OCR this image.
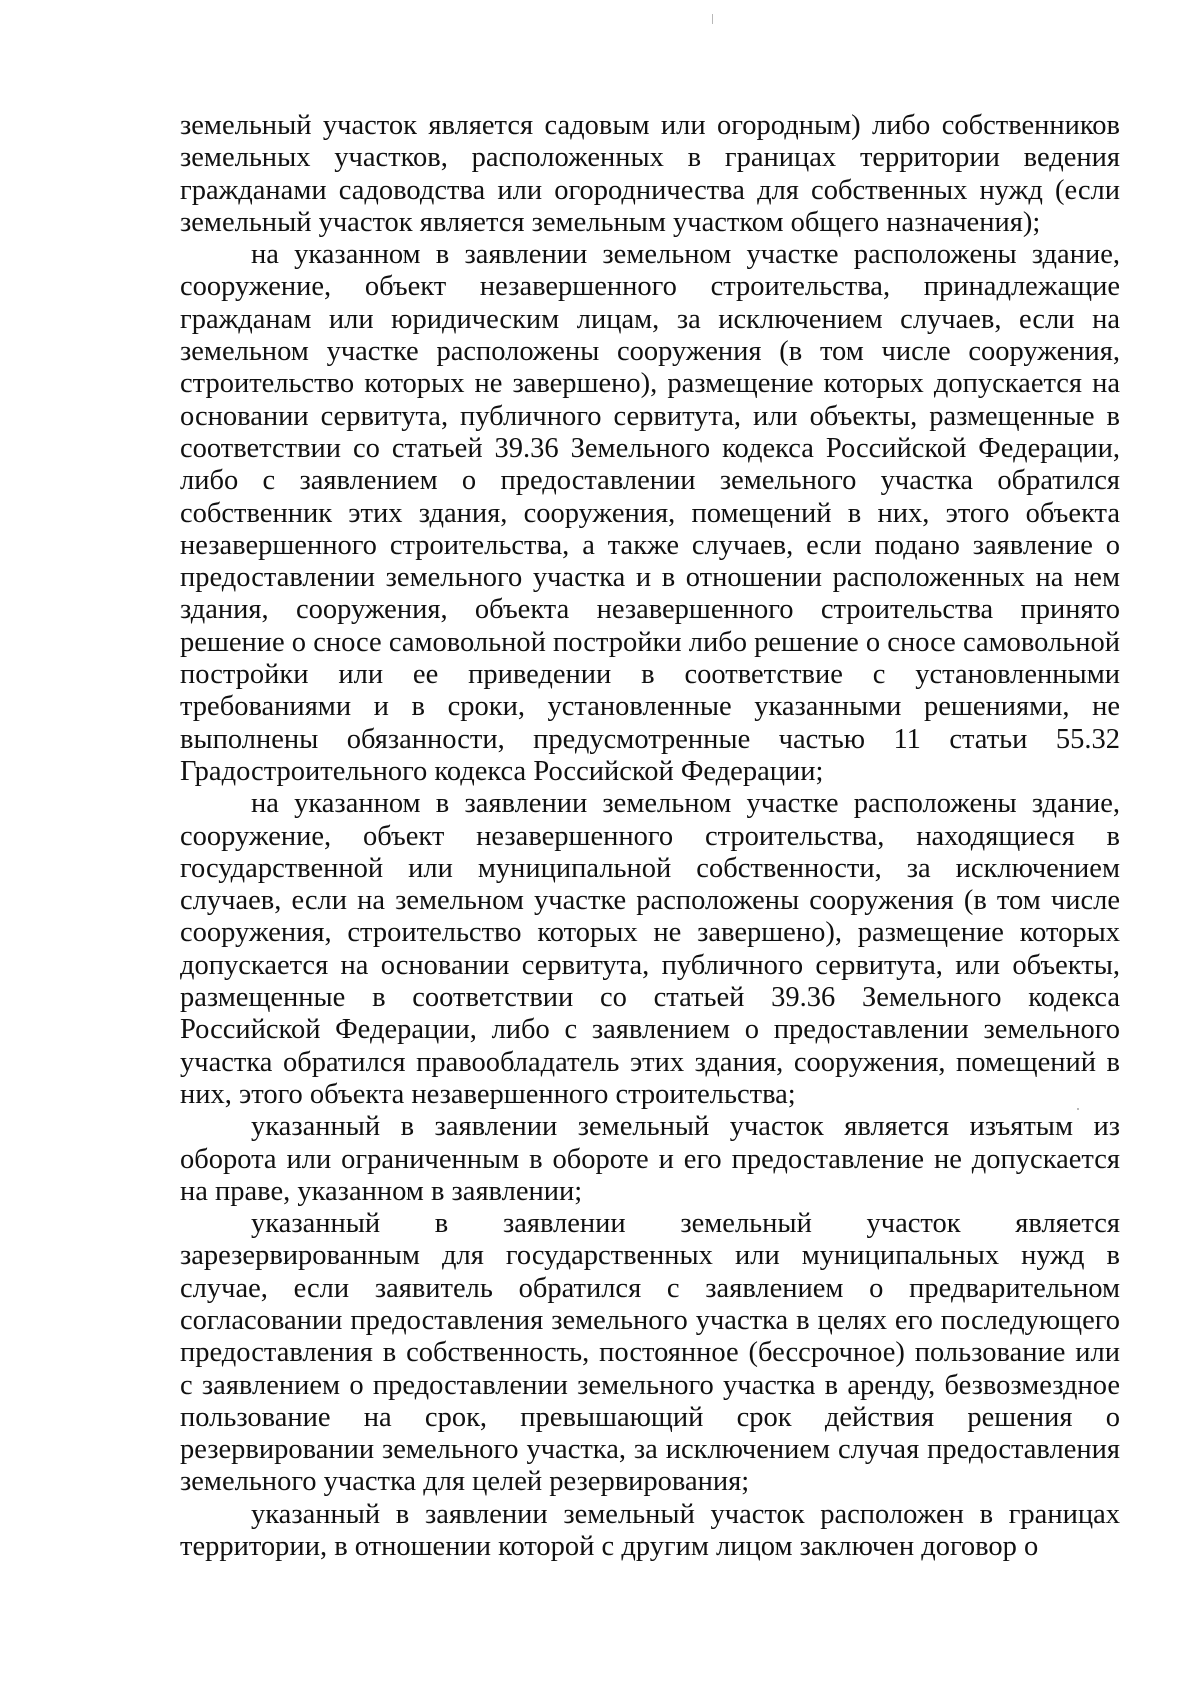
земельный участок является садовым или огородным) либо собственников земельных участков, расположенных в границах территории ведения гражданами садоводства или огородничества для собственных нужд (если земельный участок является земельным участком общего назначения);

на указанном в заявлении земельном участке расположены здание, сооружение, объект незавершенного строительства, принадлежащие гражданам или юридическим лицам, за исключением случаев, если на земельном участке расположены сооружения (в том числе сооружения, строительство которых не завершено), размещение которых допускается на основании сервитута, публичного сервитута, или объекты, размещенные в соответствии со статьей 39.36 Земельного кодекса Российской Федерации, либо с заявлением о предоставлении земельного участка обратился собственник этих здания, сооружения, помещений в них, этого объекта незавершенного строительства, а также случаев, если подано заявление о предоставлении земельного участка и в отношении расположенных на нем здания, сооружения, объекта незавершенного строительства принято решение о сносе самовольной постройки либо решение о сносе самовольной постройки или ее приведении в соответствие с установленными требованиями и в сроки, установленные указанными решениями, не выполнены обязанности, предусмотренные частью 11 статьи 55.32 Градостроительного кодекса Российской Федерации;

на указанном в заявлении земельном участке расположены здание, сооружение, объект незавершенного строительства, находящиеся в государственной или муниципальной собственности, за исключением случаев, если на земельном участке расположены сооружения (в том числе сооружения, строительство которых не завершено), размещение которых допускается на основании сервитута, публичного сервитута, или объекты, размещенные в соответствии со статьей 39.36 Земельного кодекса Российской Федерации, либо с заявлением о предоставлении земельного участка обратился правообладатель этих здания, сооружения, помещений в них, этого объекта незавершенного строительства;

указанный в заявлении земельный участок является изъятым из оборота или ограниченным в обороте и его предоставление не допускается на праве, указанном в заявлении;

указанный в заявлении земельный участок является зарезервированным для государственных или муниципальных нужд в случае, если заявитель обратился с заявлением о предварительном согласовании предоставления земельного участка в целях его последующего предоставления в собственность, постоянное (бессрочное) пользование или с заявлением о предоставлении земельного участка в аренду, безвозмездное пользование на срок, превышающий срок действия решения о резервировании земельного участка, за исключением случая предоставления земельного участка для целей резервирования;

указанный в заявлении земельный участок расположен в границах территории, в отношении которой с другим лицом заключен договор о
